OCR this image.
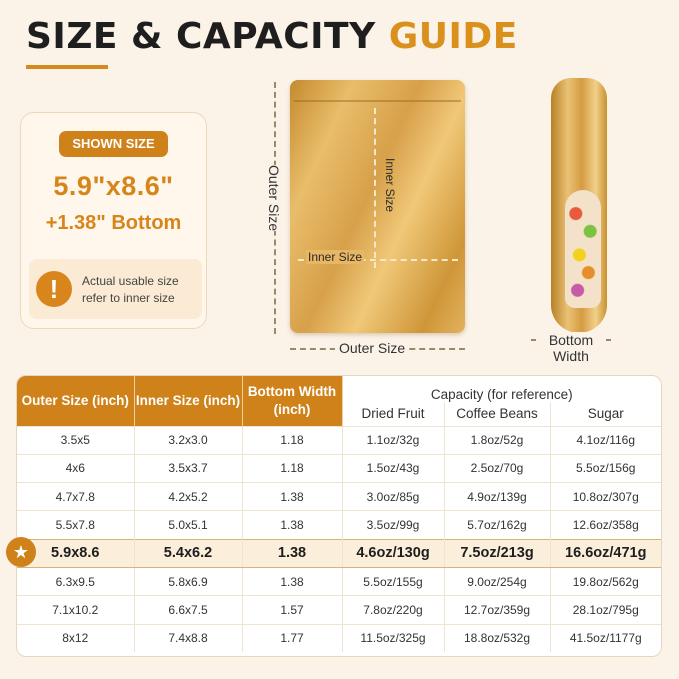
SIZE & CAPACITY GUIDE
SHOWN SIZE
5.9"x8.6"
+1.38" Bottom
!	Actual usable size refer to inner size
Outer Size	Inner Size
Inner Size
Outer Size	Bottom Width
Outer Size (inch)	Inner Size (inch)	Bottom Width (inch)	Capacity (for reference)		
			Dried Fruit	Coffee Beans	Sugar
3.5x5	3.2x3.0	1.18	1.1oz/32g	1.8oz/52g	4.1oz/116g
4x6	3.5x3.7	1.18	1.5oz/43g	2.5oz/70g	5.5oz/156g
4.7x7.8	4.2x5.2	1.38	3.0oz/85g	4.9oz/139g	10.8oz/307g
5.5x7.8	5.0x5.1	1.38	3.5oz/99g	5.7oz/162g	12.6oz/358g
5.9x8.6	5.4x6.2	1.38	4.6oz/130g	7.5oz/213g	16.6oz/471g
6.3x9.5	5.8x6.9	1.38	5.5oz/155g	9.0oz/254g	19.8oz/562g
7.1x10.2	6.6x7.5	1.57	7.8oz/220g	12.7oz/359g	28.1oz/795g
8x12	7.4x8.8	1.77	11.5oz/325g	18.8oz/532g	41.5oz/1177g
★
